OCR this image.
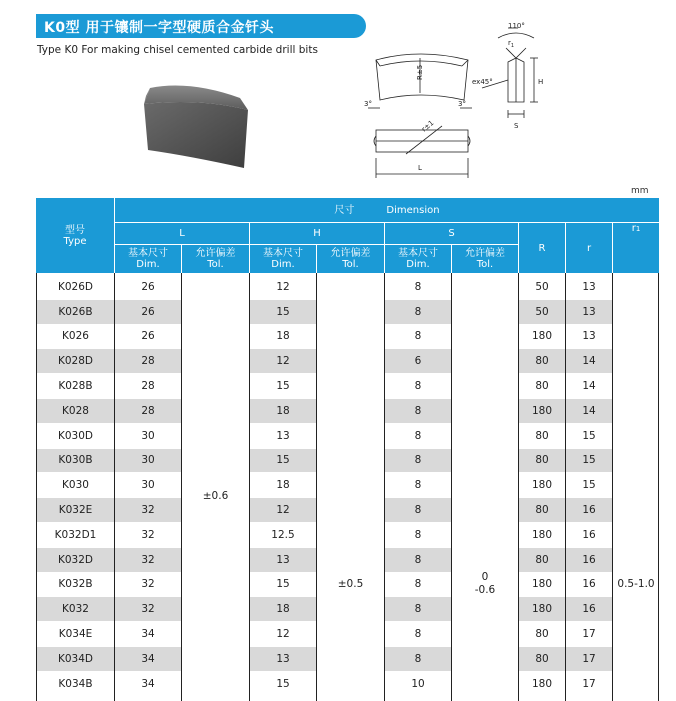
K0型 用于镶制一字型硬质合金钎头
Type K0 For making chisel cemented carbide drill bits
110°
$r_1$
H
S
ex45°
R±5
r±1
L
3°	3°
mm
型号
Type
尺寸	Dimension
L	H	S
R	r
r 1
基本尺寸
Dim.
允许偏差
Tol.
基本尺寸
Dim.
允许偏差
Tol.
基本尺寸
Dim.
允许偏差
Tol.
±0.6
±0.5
0
-0.6	0.5-1.0
K026D	26	12	8	50	13
K026B	26	15	8	50	13
K026	26	18	8	180	13
K028D	28	12	6	80	14
K028B	28	15	8	80	14
K028	28	18	8	180	14
K030D	30	13	8	80	15
K030B	30	15	8	80	15
K030	30	18	8	180	15
K032E	32	12	8	80	16
K032D1	32	12.5	8	180	16
K032D	32	13	8	80	16
K032B	32	15	8	180	16
K032	32	18	8	180	16
K034E	34	12	8	80	17
K034D	34	13	8	80	17
K034B	34	15	10	180	17
